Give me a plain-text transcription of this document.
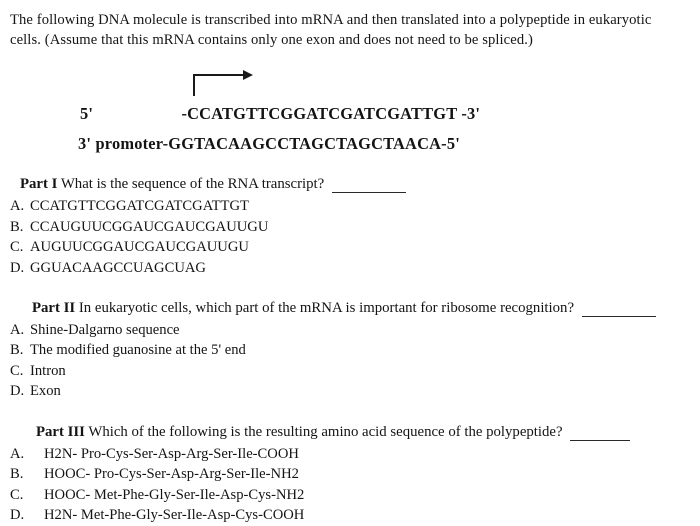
The following DNA molecule is transcribed into mRNA and then translated into a polypeptide in eukaryotic
cells. (Assume that this mRNA contains only one exon and does not need to be spliced.)
5'	-CCATGTTCGGATCGATCGATTGT -3'
3' promoter-GGTACAAGCCTAGCTAGCTAACA-5'
Part I What is the sequence of the RNA transcript?
A. CCATGTTCGGATCGATCGATTGT
B. CCAUGUUCGGAUCGAUCGAUUGU
C. AUGUUCGGAUCGAUCGAUUGU
D. GGUACAAGCCUAGCUAG
Part II In eukaryotic cells, which part of the mRNA is important for ribosome recognition?
A. Shine-Dalgarno sequence
B. The modified guanosine at the 5' end
C. Intron
D. Exon
Part III Which of the following is the resulting amino acid sequence of the polypeptide?
A.	H2N- Pro-Cys-Ser-Asp-Arg-Ser-Ile-COOH
B.	HOOC- Pro-Cys-Ser-Asp-Arg-Ser-Ile-NH2
C.	HOOC- Met-Phe-Gly-Ser-Ile-Asp-Cys-NH2
D.	H2N- Met-Phe-Gly-Ser-Ile-Asp-Cys-COOH
